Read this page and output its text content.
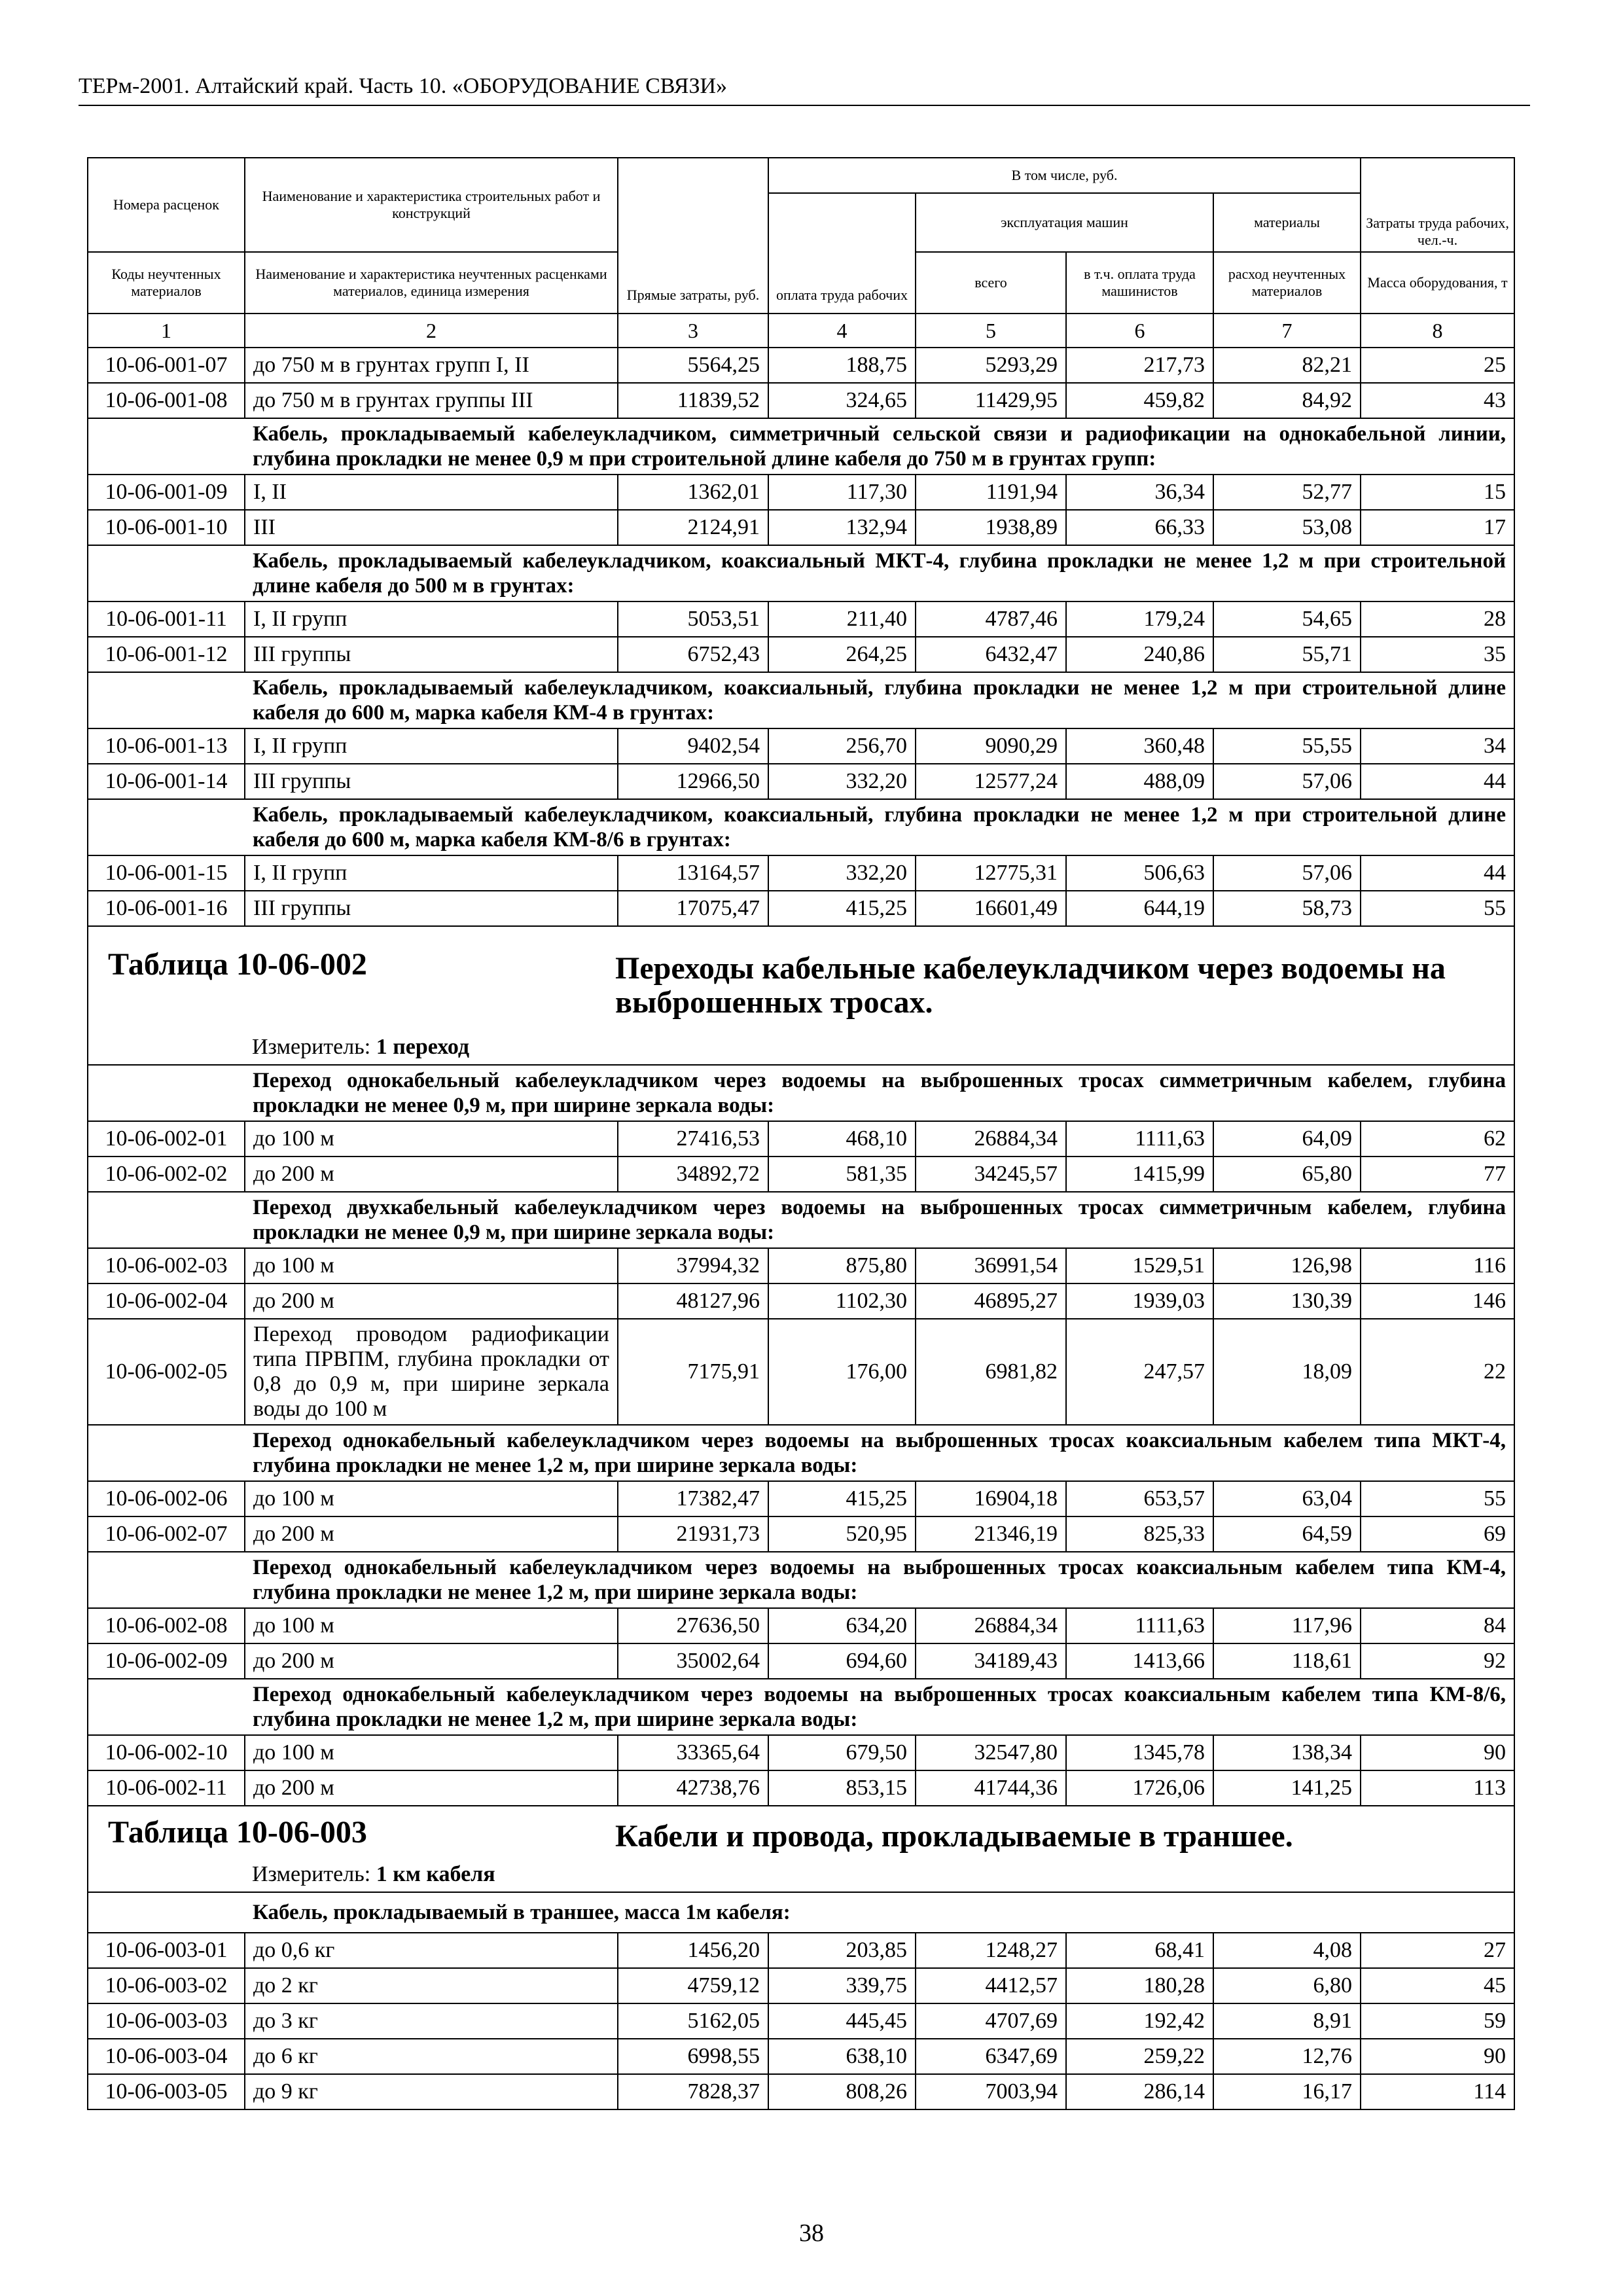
ТЕРм-2001. Алтайский край. Часть 10. «ОБОРУДОВАНИЕ СВЯЗИ»
Номера расценок	Наименование и характеристика строительных работ и конструкций	Прямые затраты, руб.	В том числе, руб.				Затраты труда рабочих, чел.-ч.
			оплата труда рабочих	эксплуатация машин		материалы	
Коды неучтенных материалов	Наименование и характеристика неучтенных расценками материалов, единица измерения			всего	в т.ч. оплата труда машинистов	расход неучтенных материалов	Масса оборудования, т
1	2	3	4	5	6	7	8
10-06-001-07	до 750 м в грунтах групп I, II	5564,25	188,75	5293,29	217,73	82,21	25
10-06-001-08	до 750 м в грунтах группы III	11839,52	324,65	11429,95	459,82	84,92	43
	Кабель, прокладываемый кабелеукладчиком, симметричный сельской связи и радиофикации на однокабельной линии, глубина прокладки не менее 0,9 м при строительной длине кабеля до 750 м в грунтах групп:						
10-06-001-09	I, II	1362,01	117,30	1191,94	36,34	52,77	15
10-06-001-10	III	2124,91	132,94	1938,89	66,33	53,08	17
	Кабель, прокладываемый кабелеукладчиком, коаксиальный МКТ-4, глубина прокладки не менее 1,2 м при строительной длине кабеля до 500 м в грунтах:						
10-06-001-11	I, II групп	5053,51	211,40	4787,46	179,24	54,65	28
10-06-001-12	III группы	6752,43	264,25	6432,47	240,86	55,71	35
	Кабель, прокладываемый кабелеукладчиком, коаксиальный, глубина прокладки не менее 1,2 м при строительной длине кабеля до 600 м, марка кабеля КМ-4 в грунтах:						
10-06-001-13	I, II групп	9402,54	256,70	9090,29	360,48	55,55	34
10-06-001-14	III группы	12966,50	332,20	12577,24	488,09	57,06	44
	Кабель, прокладываемый кабелеукладчиком, коаксиальный, глубина прокладки не менее 1,2 м при строительной длине кабеля до 600 м, марка кабеля КМ-8/6 в грунтах:						
10-06-001-15	I, II групп	13164,57	332,20	12775,31	506,63	57,06	44
10-06-001-16	III группы	17075,47	415,25	16601,49	644,19	58,73	55

Таблица 10-06-002 Переходы кабельные кабелеукладчиком через водоемы на выброшенных тросах.
Измеритель: 1 переход							

	Переход однокабельный кабелеукладчиком через водоемы на выброшенных тросах симметричным кабелем, глубина прокладки не менее 0,9 м, при ширине зеркала воды:						
10-06-002-01	до 100 м	27416,53	468,10	26884,34	1111,63	64,09	62
10-06-002-02	до 200 м	34892,72	581,35	34245,57	1415,99	65,80	77
	Переход двухкабельный кабелеукладчиком через водоемы на выброшенных тросах симметричным кабелем, глубина прокладки не менее 0,9 м, при ширине зеркала воды:						
10-06-002-03	до 100 м	37994,32	875,80	36991,54	1529,51	126,98	116
10-06-002-04	до 200 м	48127,96	1102,30	46895,27	1939,03	130,39	146
10-06-002-05	Переход проводом радиофикации типа ПРВПМ, глубина прокладки от 0,8 до 0,9 м, при ширине зеркала воды до 100 м	7175,91	176,00	6981,82	247,57	18,09	22
	Переход однокабельный кабелеукладчиком через водоемы на выброшенных тросах коаксиальным кабелем типа МКТ-4, глубина прокладки не менее 1,2 м, при ширине зеркала воды:						
10-06-002-06	до 100 м	17382,47	415,25	16904,18	653,57	63,04	55
10-06-002-07	до 200 м	21931,73	520,95	21346,19	825,33	64,59	69
	Переход однокабельный кабелеукладчиком через водоемы на выброшенных тросах коаксиальным кабелем типа КМ-4, глубина прокладки не менее 1,2 м, при ширине зеркала воды:						
10-06-002-08	до 100 м	27636,50	634,20	26884,34	1111,63	117,96	84
10-06-002-09	до 200 м	35002,64	694,60	34189,43	1413,66	118,61	92
	Переход однокабельный кабелеукладчиком через водоемы на выброшенных тросах коаксиальным кабелем типа КМ-8/6, глубина прокладки не менее 1,2 м, при ширине зеркала воды:						
10-06-002-10	до 100 м	33365,64	679,50	32547,80	1345,78	138,34	90
10-06-002-11	до 200 м	42738,76	853,15	41744,36	1726,06	141,25	113

Таблица 10-06-003 Кабели и провода, прокладываемые в траншее.
Измеритель: 1 км кабеля							

	Кабель, прокладываемый в траншее, масса 1м кабеля:						
10-06-003-01	до 0,6 кг	1456,20	203,85	1248,27	68,41	4,08	27
10-06-003-02	до 2 кг	4759,12	339,75	4412,57	180,28	6,80	45
10-06-003-03	до 3 кг	5162,05	445,45	4707,69	192,42	8,91	59
10-06-003-04	до 6 кг	6998,55	638,10	6347,69	259,22	12,76	90
10-06-003-05	до 9 кг	7828,37	808,26	7003,94	286,14	16,17	114
38
